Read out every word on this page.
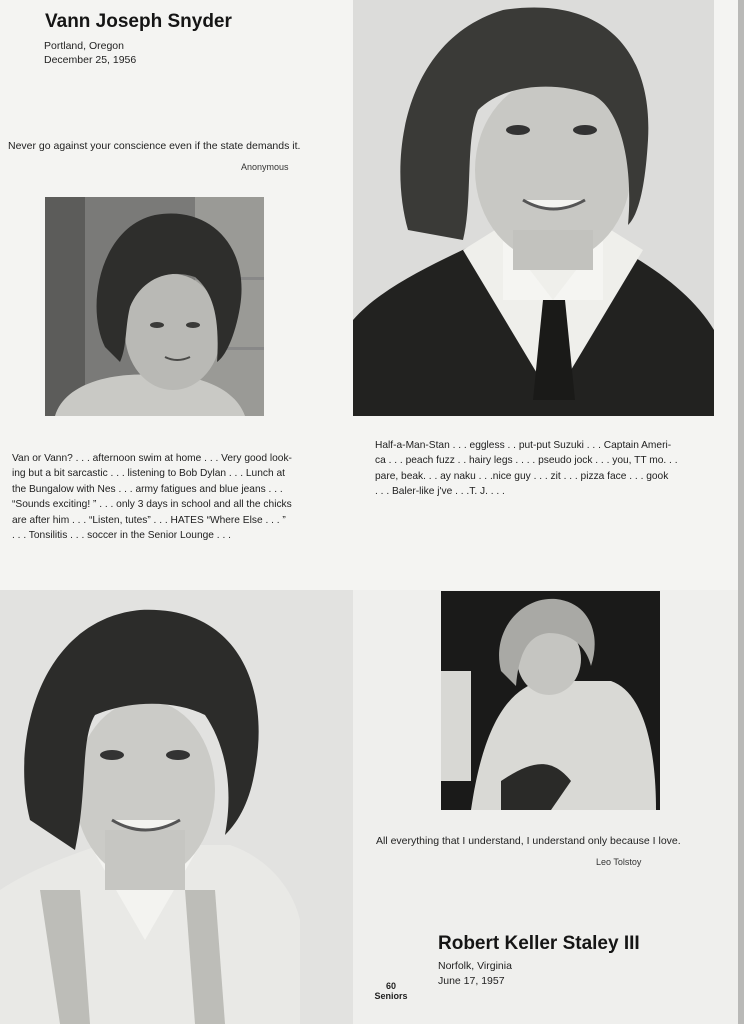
Vann Joseph Snyder
Portland, Oregon
December 25, 1956
Never go against your conscience even if the state demands it.
Anonymous
Van or Vann? . . . afternoon swim at home . . . Very good look-
ing but a bit sarcastic . . . listening to Bob Dylan . . . Lunch at
the Bungalow with Nes . . . army fatigues and blue jeans . . .
“Sounds exciting! ” . . . only 3 days in school and all the chicks
are after him . . . “Listen, tutes” . . . HATES “Where Else . . . ”
. . . Tonsilitis . . . soccer in the Senior Lounge . . .
Half-a-Man-Stan . . . eggless . . put-put Suzuki . . . Captain Ameri-
ca . . . peach fuzz . . hairy legs . . . . pseudo jock . . . you, TT mo. . .
pare, beak. . . ay naku . . .nice guy . . . zit . . . pizza face . . . gook
. . . Baler-like j've . . .T. J. . . .
All everything that I understand, I understand only because I love.
Leo Tolstoy
Robert Keller Staley III
Norfolk, Virginia
June 17, 1957
60
Seniors
